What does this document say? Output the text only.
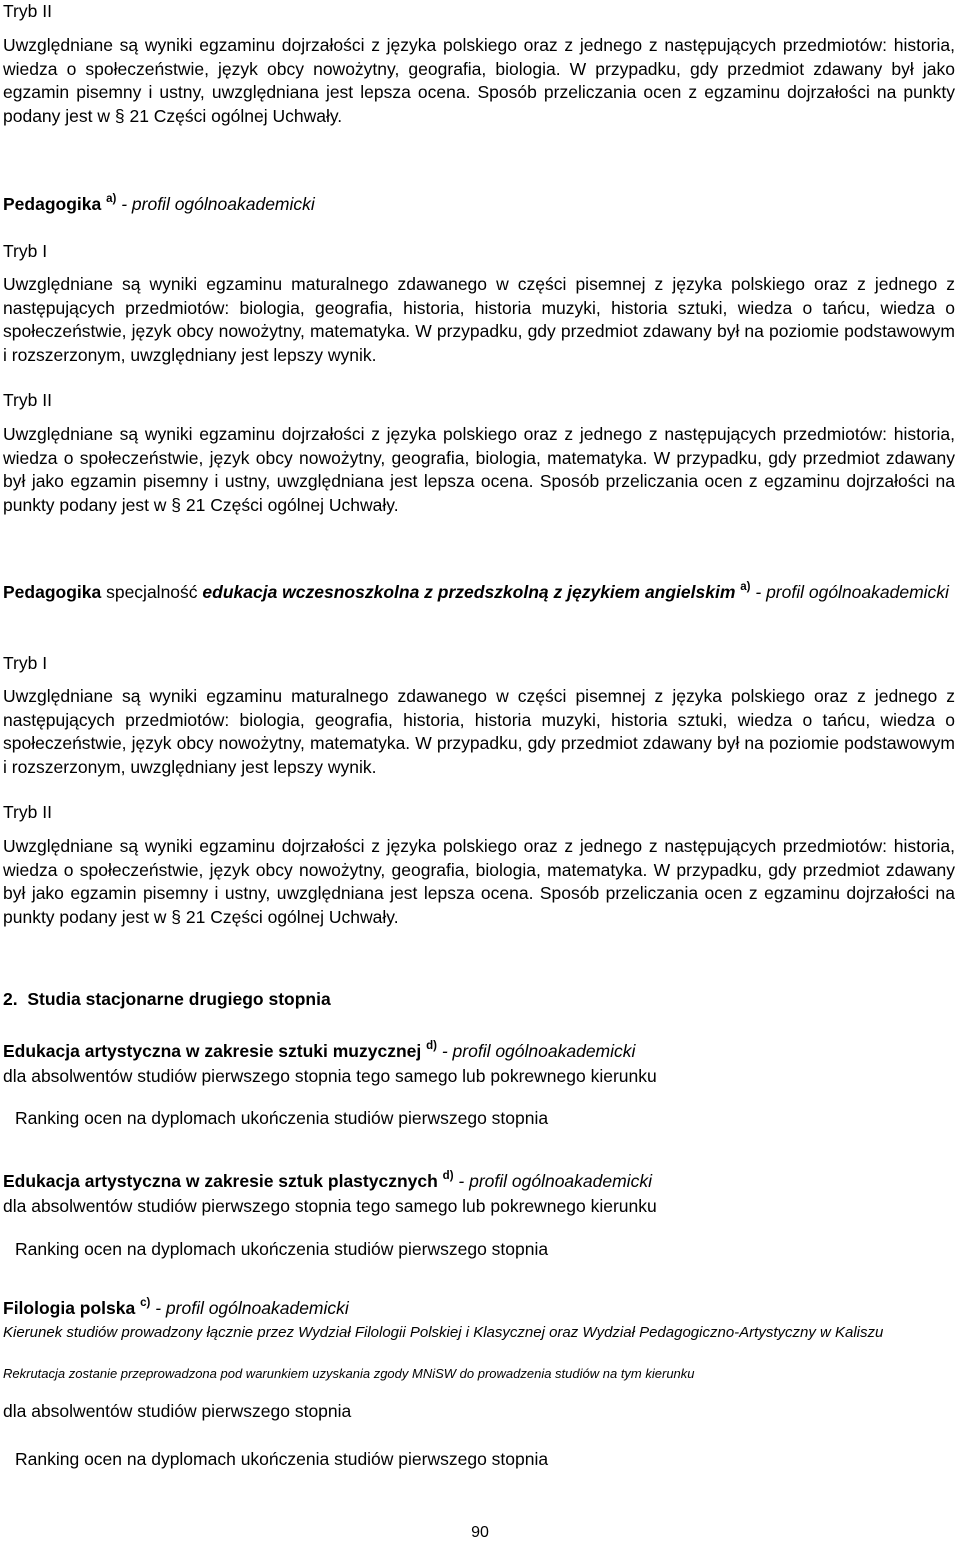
Tryb II
Uwzględniane są wyniki egzaminu dojrzałości z języka polskiego oraz z jednego z następujących przedmiotów: historia, wiedza o społeczeństwie, język obcy nowożytny, geografia, biologia. W przypadku, gdy przedmiot zdawany był jako egzamin pisemny i ustny, uwzględniana jest lepsza ocena. Sposób przeliczania ocen z egzaminu dojrzałości na punkty podany jest w § 21 Części ogólnej Uchwały.
Pedagogika $^{a)}$ - profil ogólnoakademicki
Tryb I
Uwzględniane są wyniki egzaminu maturalnego zdawanego w części pisemnej z języka polskiego oraz z jednego z następujących przedmiotów: biologia, geografia, historia, historia muzyki, historia sztuki, wiedza o tańcu, wiedza o społeczeństwie, język obcy nowożytny, matematyka. W przypadku, gdy przedmiot zdawany był na poziomie podstawowym i rozszerzonym, uwzględniany jest lepszy wynik.
Tryb II
Uwzględniane są wyniki egzaminu dojrzałości z języka polskiego oraz z jednego z następujących przedmiotów: historia, wiedza o społeczeństwie, język obcy nowożytny, geografia, biologia, matematyka. W przypadku, gdy przedmiot zdawany był jako egzamin pisemny i ustny, uwzględniana jest lepsza ocena. Sposób przeliczania ocen z egzaminu dojrzałości na punkty podany jest w § 21 Części ogólnej Uchwały.
Pedagogika specjalność edukacja wczesnoszkolna z przedszkolną z językiem angielskim $^{a)}$ - profil ogólnoakademicki
Tryb I
Uwzględniane są wyniki egzaminu maturalnego zdawanego w części pisemnej z języka polskiego oraz z jednego z następujących przedmiotów: biologia, geografia, historia, historia muzyki, historia sztuki, wiedza o tańcu, wiedza o społeczeństwie, język obcy nowożytny, matematyka. W przypadku, gdy przedmiot zdawany był na poziomie podstawowym i rozszerzonym, uwzględniany jest lepszy wynik.
Tryb II
Uwzględniane są wyniki egzaminu dojrzałości z języka polskiego oraz z jednego z następujących przedmiotów: historia, wiedza o społeczeństwie, język obcy nowożytny, geografia, biologia, matematyka. W przypadku, gdy przedmiot zdawany był jako egzamin pisemny i ustny, uwzględniana jest lepsza ocena. Sposób przeliczania ocen z egzaminu dojrzałości na punkty podany jest w § 21 Części ogólnej Uchwały.
2.  Studia stacjonarne drugiego stopnia
Edukacja artystyczna w zakresie sztuki muzycznej $^{d)}$ - profil ogólnoakademicki
dla absolwentów studiów pierwszego stopnia tego samego lub pokrewnego kierunku
Ranking ocen na dyplomach ukończenia studiów pierwszego stopnia
Edukacja artystyczna w zakresie sztuk plastycznych $^{d)}$ - profil ogólnoakademicki
dla absolwentów studiów pierwszego stopnia tego samego lub pokrewnego kierunku
Ranking ocen na dyplomach ukończenia studiów pierwszego stopnia
Filologia polska $^{c)}$ - profil ogólnoakademicki
Kierunek studiów prowadzony łącznie przez Wydział Filologii Polskiej i Klasycznej oraz Wydział Pedagogiczno-Artystyczny w Kaliszu
Rekrutacja zostanie przeprowadzona pod warunkiem uzyskania zgody MNiSW do prowadzenia studiów na tym kierunku
dla absolwentów studiów pierwszego stopnia
Ranking ocen na dyplomach ukończenia studiów pierwszego stopnia
90
